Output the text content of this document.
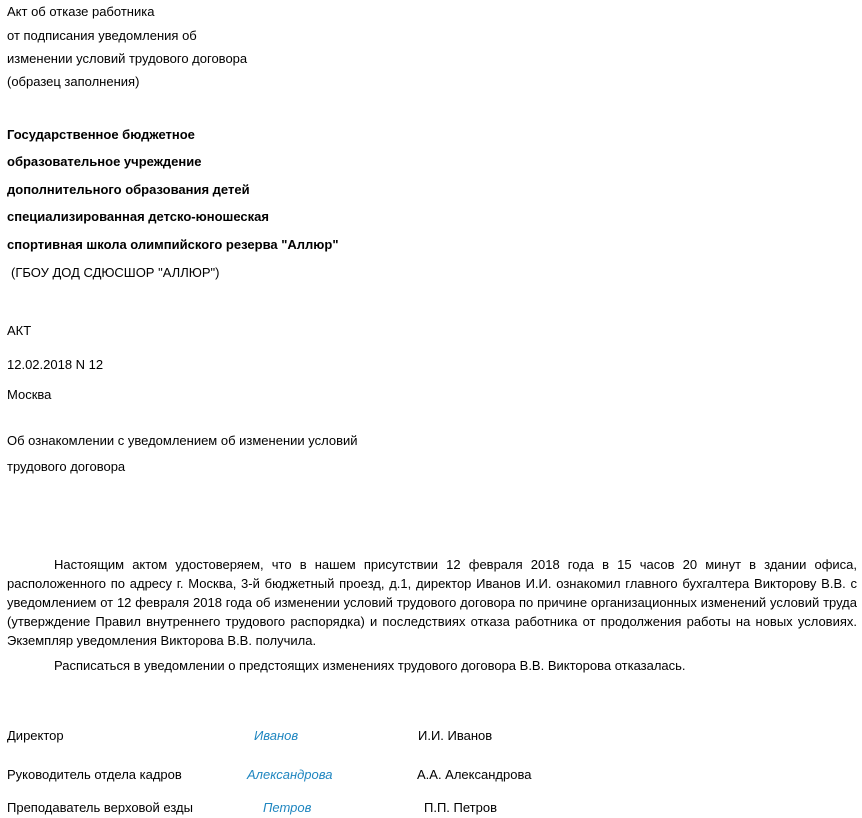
Акт об отказе работника
от подписания уведомления об
изменении условий трудового договора
(образец заполнения)
Государственное бюджетное
образовательное учреждение
дополнительного образования детей
специализированная детско-юношеская
спортивная школа олимпийского резерва "Аллюр"
(ГБОУ ДОД СДЮСШОР "АЛЛЮР")
АКТ
12.02.2018 N 12
Москва
Об ознакомлении с уведомлением об изменении условий
трудового договора
Настоящим актом удостоверяем, что в нашем присутствии 12 февраля 2018 года в 15 часов 20 минут в здании офиса, расположенного по адресу г. Москва, 3-й бюджетный проезд, д.1, директор Иванов И.И. ознакомил главного бухгалтера Викторову В.В. с уведомлением от 12 февраля 2018 года об изменении условий трудового договора по причине организационных изменений условий труда (утверждение Правил внутреннего трудового распорядка) и последствиях отказа работника от продолжения работы на новых условиях. Экземпляр уведомления Викторова В.В. получила.
Расписаться в уведомлении о предстоящих изменениях трудового договора В.В. Викторова отказалась.
Директор	Иванов	И.И. Иванов
Руководитель отдела кадров	Александрова	А.А. Александрова
Преподаватель верховой езды	Петров	П.П. Петров
